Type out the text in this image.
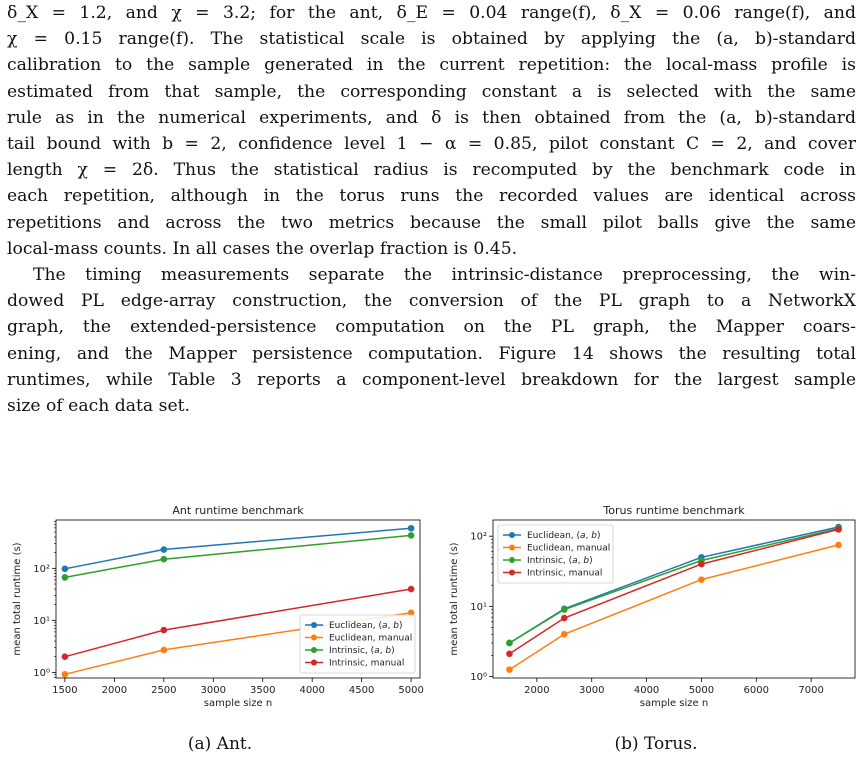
δ_X = 1.2, and χ = 3.2; for the ant, δ_E = 0.04 range(f), δ_X = 0.06 range(f), and
χ = 0.15 range(f). The statistical scale is obtained by applying the (a, b)-standard
calibration to the sample generated in the current repetition: the local-mass profile is
estimated from that sample, the corresponding constant a is selected with the same
rule as in the numerical experiments, and δ is then obtained from the (a, b)-standard
tail bound with b = 2, confidence level 1 − α = 0.85, pilot constant C = 2, and cover
length χ = 2δ. Thus the statistical radius is recomputed by the benchmark code in
each repetition, although in the torus runs the recorded values are identical across
repetitions and across the two metrics because the small pilot balls give the same
local-mass counts. In all cases the overlap fraction is 0.45.
The timing measurements separate the intrinsic-distance preprocessing, the win-
dowed PL edge-array construction, the conversion of the PL graph to a NetworkX
graph, the extended-persistence computation on the PL graph, the Mapper coars-
ening, and the Mapper persistence computation. Figure 14 shows the resulting total
runtimes, while Table 3 reports a component-level breakdown for the largest sample
size of each data set.
Ant runtime benchmark
10⁰
10¹
10²
1500 2000 2500 3000 3500 4000 4500 5000
sample size n
mean total runtime (s)	Euclidean, (a, b)
Euclidean, manual
Intrinsic, (a, b)
Intrinsic, manual
Torus runtime benchmark
10⁰
10¹
10²
2000	3000	4000	5000	6000	7000
sample size n
mean total runtime (s)
Euclidean, (a, b)
Euclidean, manual
Intrinsic, (a, b)
Intrinsic, manual
(a) Ant.	(b) Torus.
